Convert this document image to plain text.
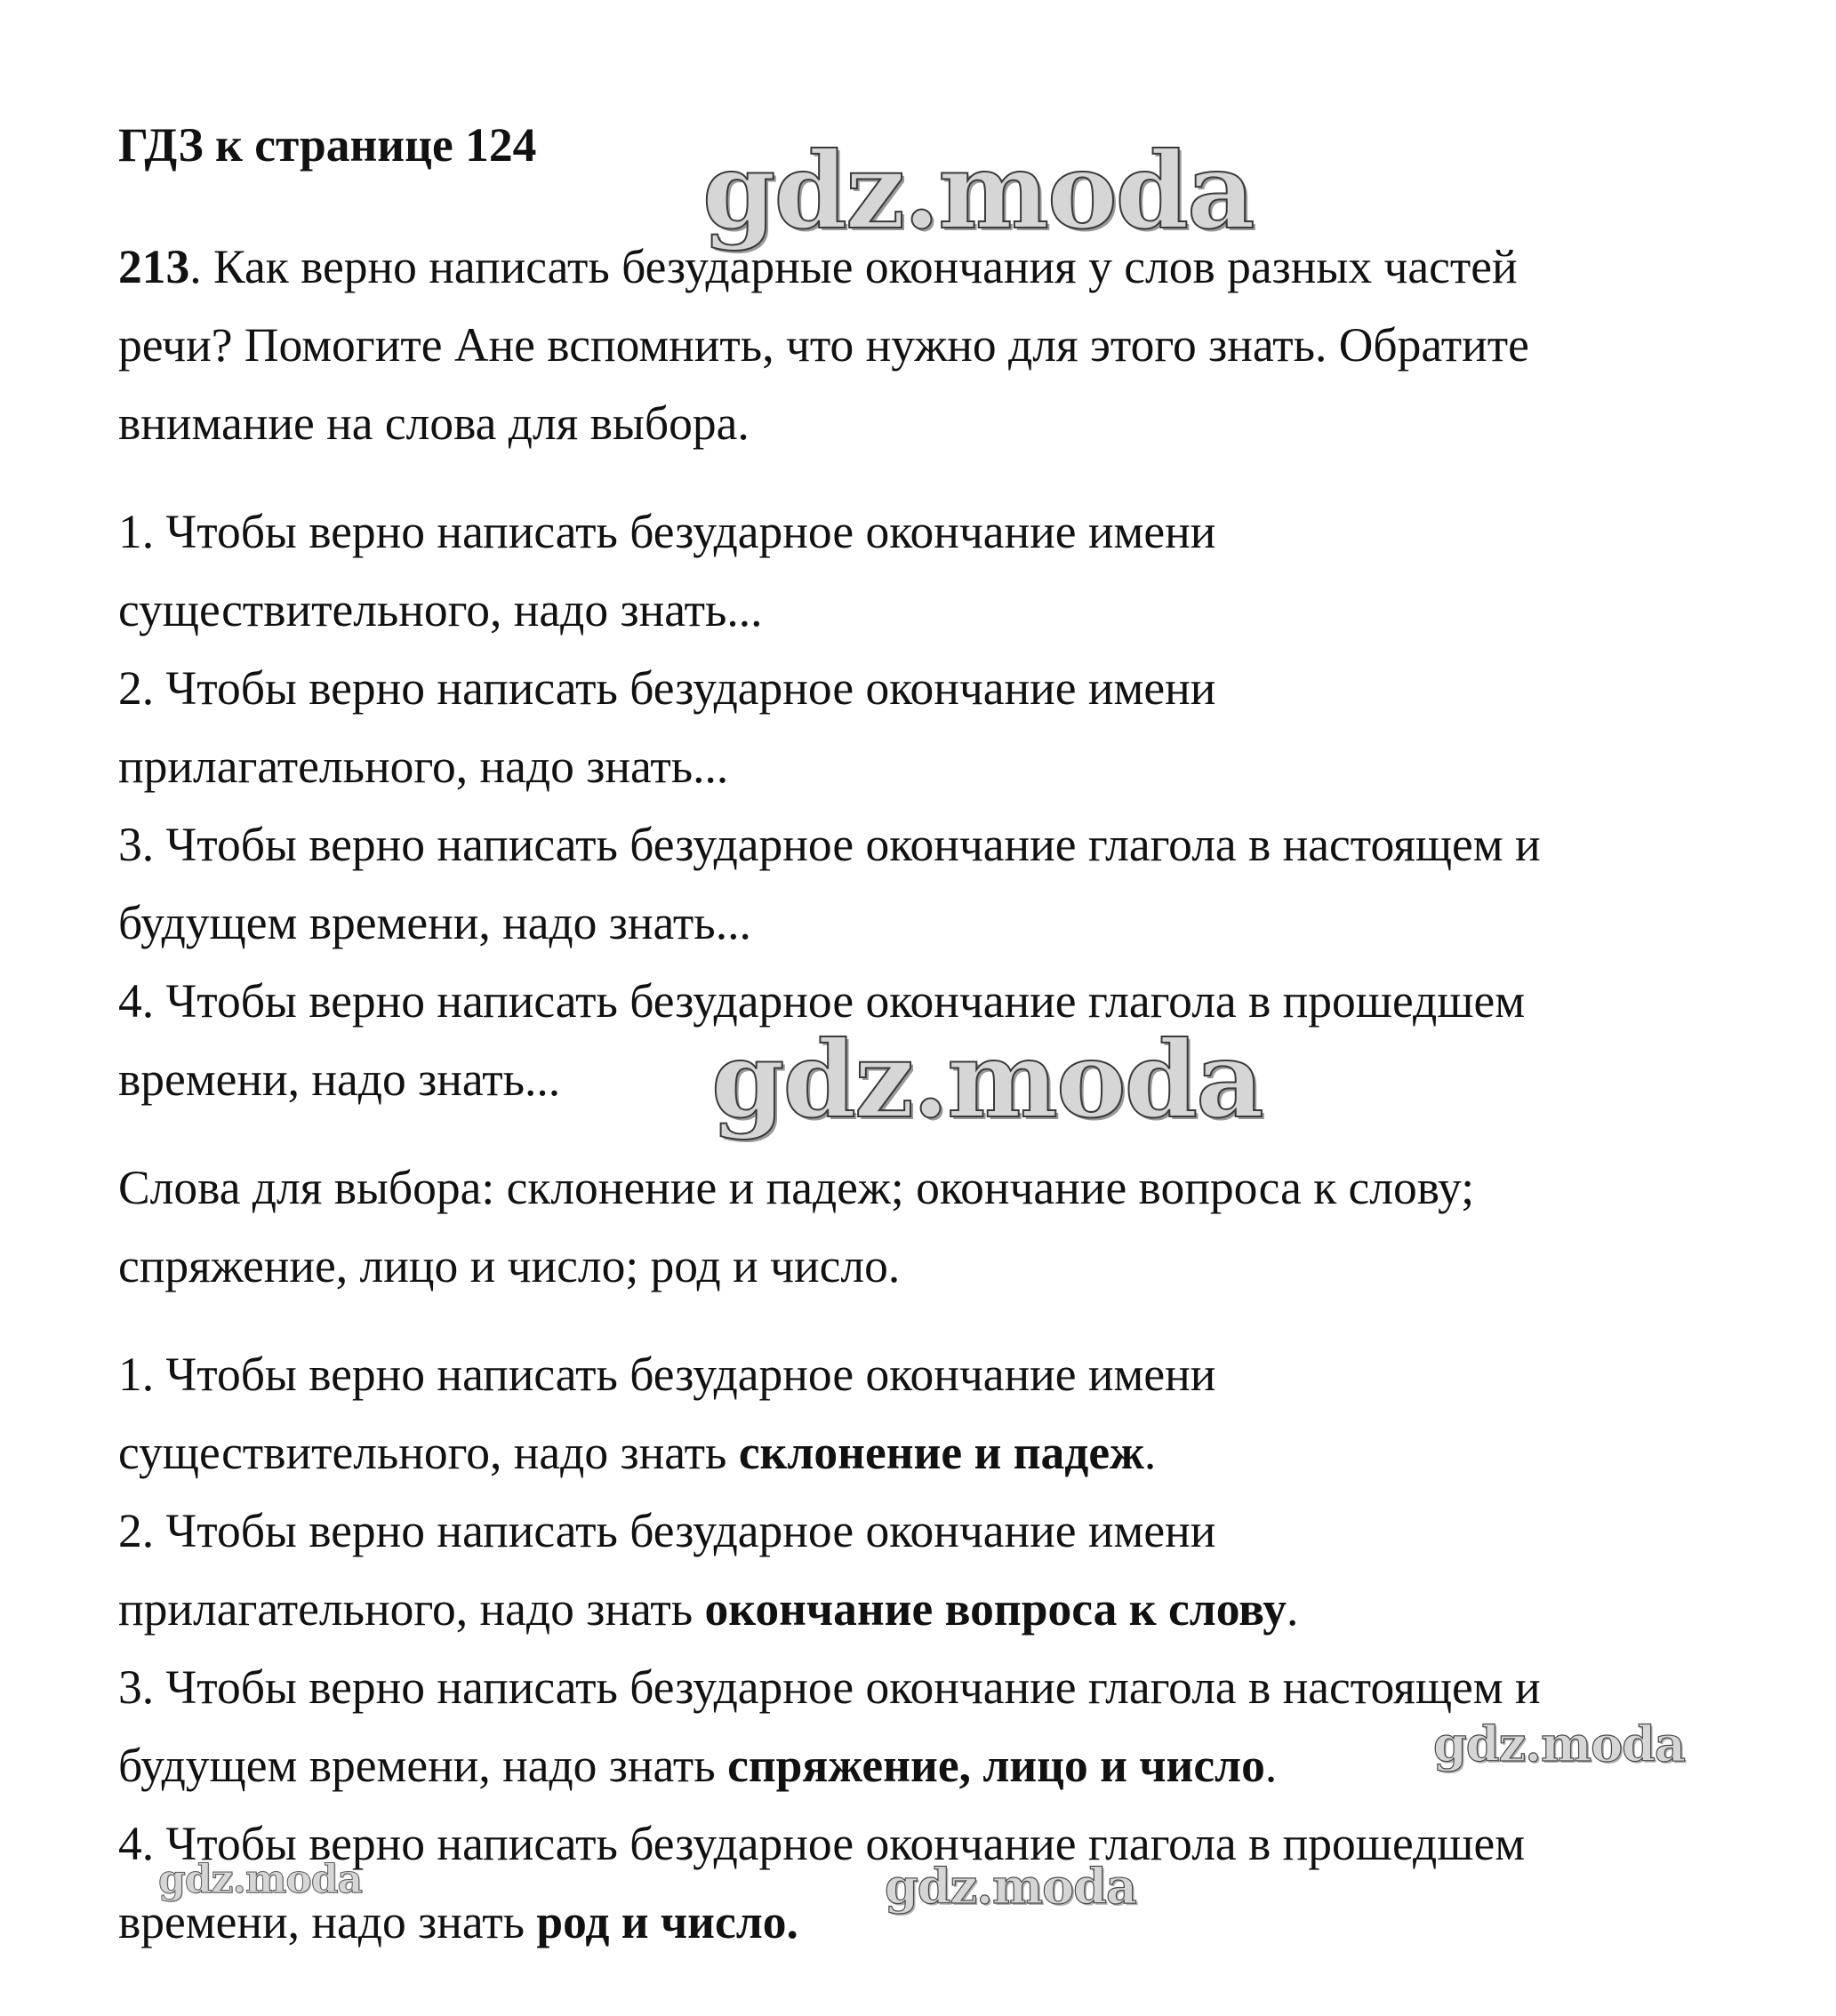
ГДЗ к странице 124 gdz.moda
213. Как верно написать безударные окончания у слов разных частей
речи? Помогите Ане вспомнить, что нужно для этого знать. Обратите
внимание на слова для выбора.
1. Чтобы верно написать безударное окончание имени
существительного, надо знать...
2. Чтобы верно написать безударное окончание имени
прилагательного, надо знать...
3. Чтобы верно написать безударное окончание глагола в настоящем и
будущем времени, надо знать...
4. Чтобы верно написать безударное окончание глагола в прошедшем
времени, надо знать... gdz.moda
Слова для выбора: склонение и падеж; окончание вопроса к слову;
спряжение, лицо и число; род и число.
1. Чтобы верно написать безударное окончание имени
существительного, надо знать склонение и падеж.
2. Чтобы верно написать безударное окончание имени
прилагательного, надо знать окончание вопроса к слову.
3. Чтобы верно написать безударное окончание глагола в настоящем и
будущем времени, надо знать спряжение, лицо и число.
4. Чтобы верно написать безударное окончание глагола в прошедшем
времени, надо знать род и число.
gdz.moda
gdz.moda	gdz.moda
